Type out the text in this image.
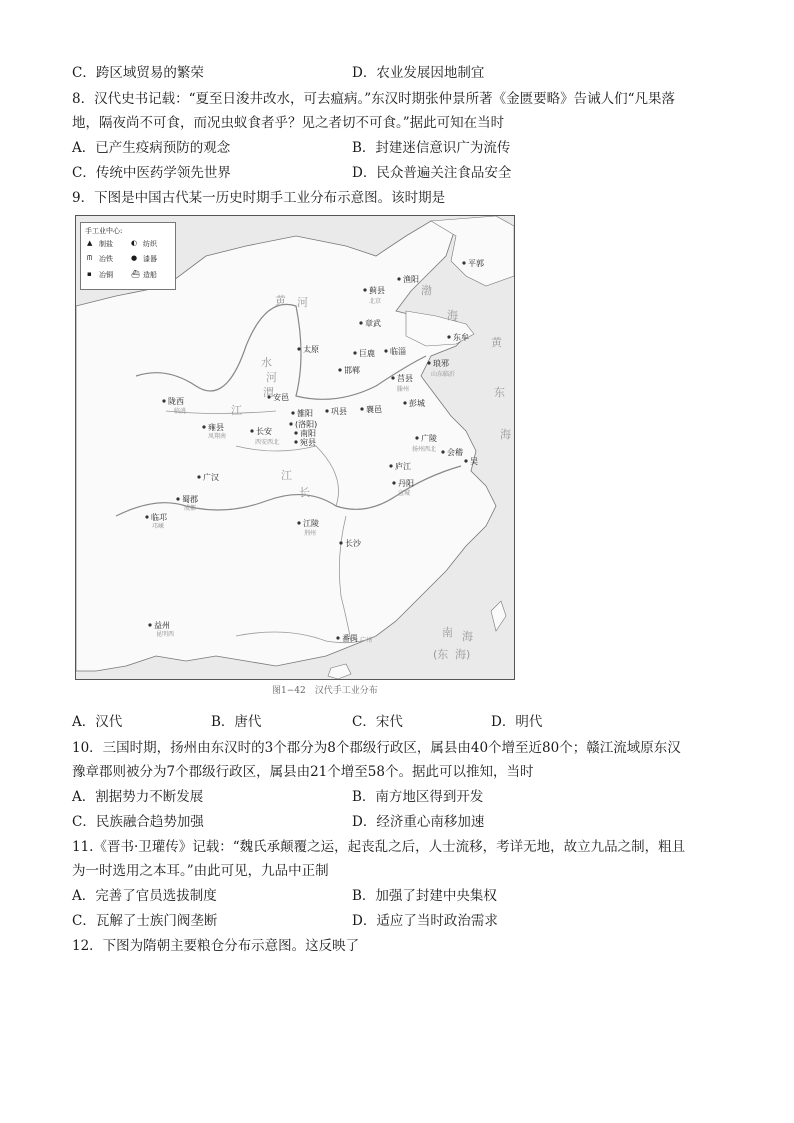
C．跨区域贸易的繁荣	D．农业发展因地制宜
8．汉代史书记载：“夏至日浚井改水，可去瘟病。”东汉时期张仲景所著《金匮要略》告诫人们“凡果落
地，隔夜尚不可食，而况虫蚁食者乎？见之者切不可食。”据此可知在当时
A．已产生疫病预防的观念	B．封建迷信意识广为流传
C．传统中医药学领先世界	D．民众普遍关注食品安全
9．下图是中国古代某一历史时期手工业分布示意图。该时期是
平郭
渔阳
蓟县
北京
章武
东牟
太原	巨鹿 临淄
邯郸
琅邪
山东临沂
陇西
临洮
安邑
雒阳
(洛阳)
巩县 襄邑
彭城
雍县
凤翔南
长安
西安西北
南阳
宛县	广陵
扬州西北 会稽
吴
广汉
蜀郡
成都
临邛
邛崃
庐江
丹阳
宣城
江陵
荆州
长沙
益州
昆明西	番禺 广州
莒县
滕州
黄 河
渤
海
黄
东
海
长
江
南 海
(东 海)
水
河
渭
江
手工业中心:
▲ 制盐	◐ 纺织
ᗰ 冶铁	● 漆器
▪ 冶铜	⛴ 造船
图1−42　汉代手工业分布
A．汉代	B．唐代	C．宋代	D．明代
10．三国时期，扬州由东汉时的3个郡分为8个郡级行政区，属县由40个增至近80个；赣江流域原东汉
豫章郡则被分为7个郡级行政区，属县由21个增至58个。据此可以推知，当时
A．割据势力不断发展	B．南方地区得到开发
C．民族融合趋势加强	D．经济重心南移加速
11.《晋书·卫瓘传》记载：“魏氏承颠覆之运，起丧乱之后，人士流移，考详无地，故立九品之制，粗且
为一时选用之本耳。”由此可见，九品中正制
A．完善了官员选拔制度	B．加强了封建中央集权
C．瓦解了士族门阀垄断	D．适应了当时政治需求
12．下图为隋朝主要粮仓分布示意图。这反映了
